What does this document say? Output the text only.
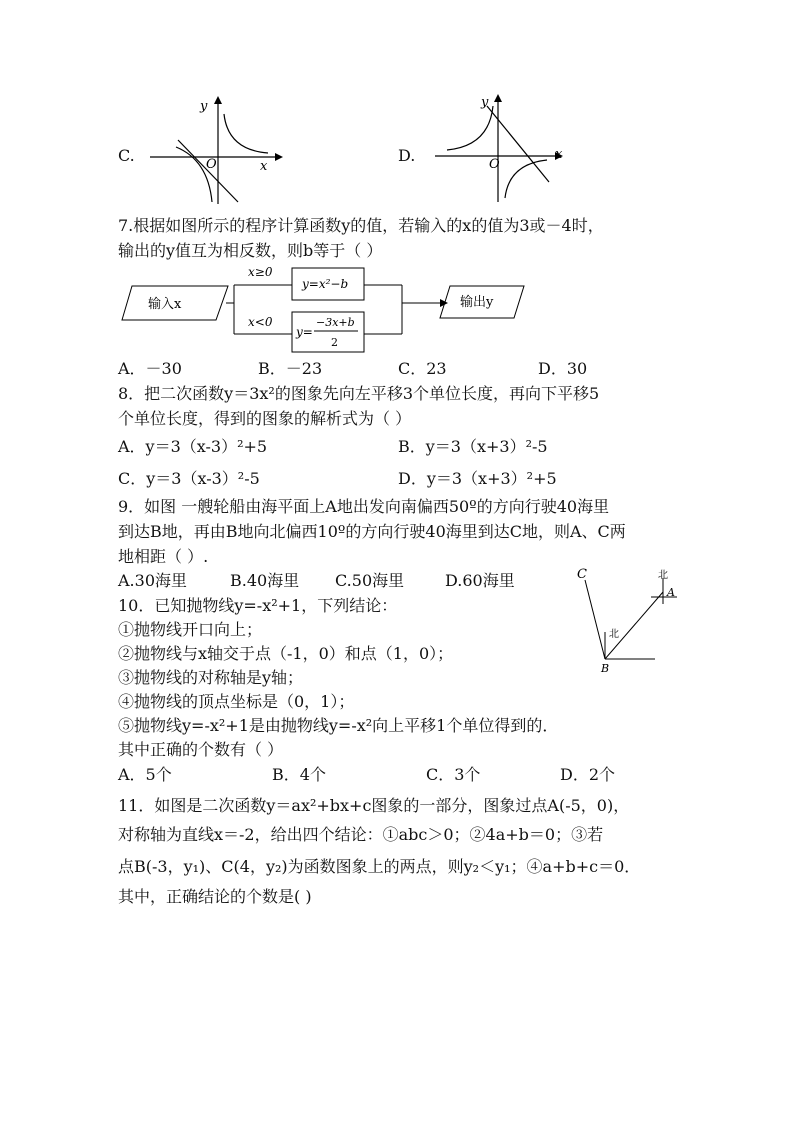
C.
y
x
O	D.
y
x
O
7.根据如图所示的程序计算函数y的值，若输入的x的值为3或－4时，
输出的y值互为相反数，则b等于（ ）
输入x
x≥0
x<0
y=x²−b
y=
−3x+b
2
输出y
A．－30	B．－23	C．23	D．30
8．把二次函数y＝3x²的图象先向左平移3个单位长度，再向下平移5
个单位长度，得到的图象的解析式为（ ）
A．y＝3（x-3）²+5	B．y＝3（x+3）²-5
C．y＝3（x-3）²-5	D．y＝3（x+3）²+5
9．如图 一艘轮船由海平面上A地出发向南偏西50º的方向行驶40海里
到达B地，再由B地向北偏西10º的方向行驶40海里到达C地，则A、C两
地相距（ ）.
A.30海里	B.40海里 C.50海里	D.60海里	C
A
B
北
北
10．已知抛物线y=-x²+1，下列结论：
①抛物线开口向上；
②抛物线与x轴交于点（-1，0）和点（1，0）；
③抛物线的对称轴是y轴；
④抛物线的顶点坐标是（0，1）；
⑤抛物线y=-x²+1是由抛物线y=-x²向上平移1个单位得到的．
其中正确的个数有（ ）
A．5个	B．4个	C．3个	D．2个
11．如图是二次函数y＝ax²+bx+c图象的一部分，图象过点A(-5，0)，
对称轴为直线x＝-2，给出四个结论：①abc＞0；②4a+b＝0；③若
点B(-3，y₁)、C(4，y₂)为函数图象上的两点，则y₂＜y₁；④a+b+c＝0．
其中，正确结论的个数是( )
